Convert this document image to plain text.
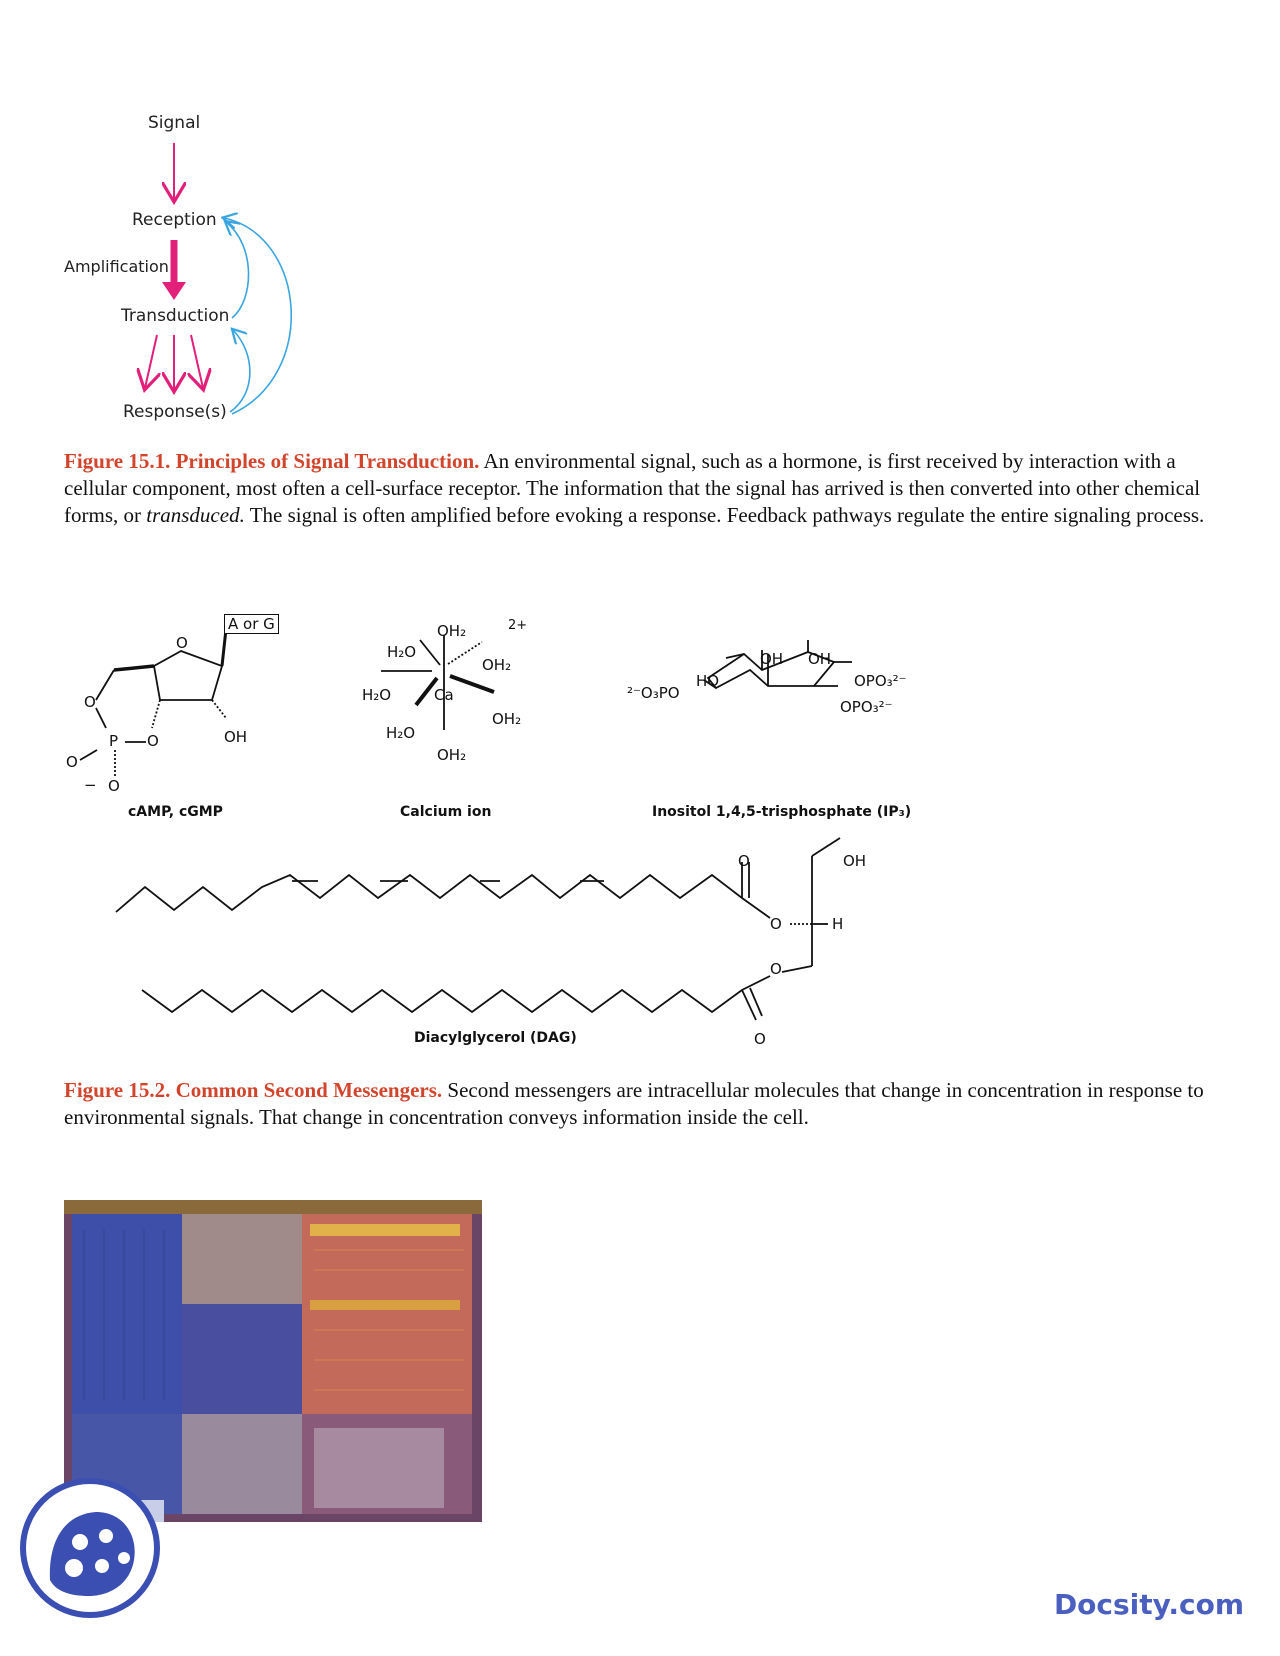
Signal
Reception
Amplification
Transduction
Response(s)

Figure 15.1. Principles of Signal Transduction. An environmental signal, such as a hormone, is first received by interaction with a cellular component, most often a cell-surface receptor. The information that the signal has arrived is then converted into other chemical forms, or transduced. The signal is often amplified before evoking a response. Feedback pathways regulate the entire signaling process.

A or G
O
O
P O
O
− O
OH
cAMP, cGMP
2+
OH₂
H₂O
OH₂
H₂O	Ca
OH₂
H₂O
OH₂
Calcium ion
OH OH
HO
²⁻O₃PO
OPO₃²⁻
OPO₃²⁻
Inositol 1,4,5-trisphosphate (IP₃)
O	OH
O	H
O
O
Diacylglycerol (DAG)

Figure 15.2. Common Second Messengers. Second messengers are intracellular molecules that change in concentration in response to environmental signals. That change in concentration conveys information inside the cell.

Docsity.com
